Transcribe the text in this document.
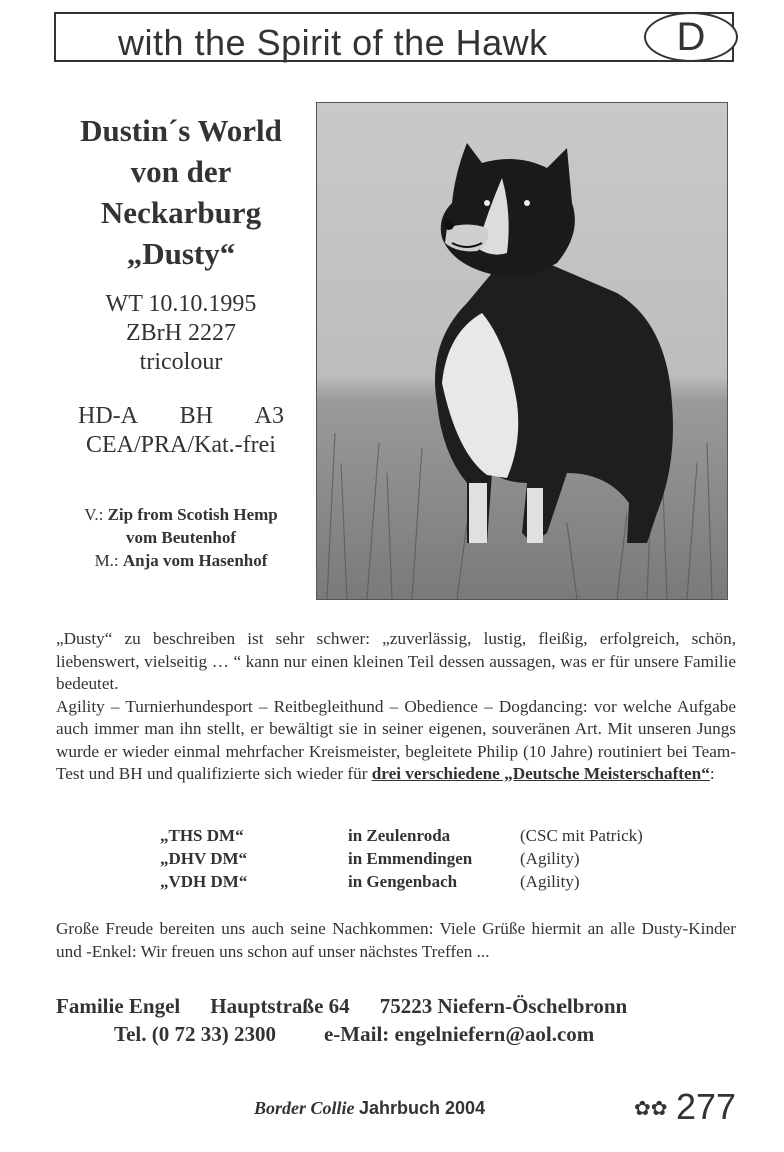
with the Spirit of the Hawk	D
Dustin´s World
von der
Neckarburg
„Dusty“
WT 10.10.1995
ZBrH 2227
tricolour
HD-A BH A3
CEA/PRA/Kat.-frei
V.: Zip from Scotish Hemp
vom Beutenhof
M.: Anja vom Hasenhof

„Dusty“ zu beschreiben ist sehr schwer: „zuverlässig, lustig, fleißig, erfolgreich, schön, liebenswert, vielseitig … “ kann nur einen kleinen Teil dessen aussagen, was er für unsere Familie bedeutet.

Agility – Turnierhundesport – Reitbegleithund – Obedience – Dogdancing: vor welche Aufgabe auch immer man ihn stellt, er bewältigt sie in seiner eigenen, souveränen Art. Mit unseren Jungs wurde er wieder einmal mehrfacher Kreismeister, begleitete Philip (10 Jahre) routiniert bei Team-Test und BH und qualifizierte sich wieder für drei verschiedene „Deutsche Meisterschaften“:

„THS DM“	in Zeulenroda	(CSC mit Patrick)
„DHV DM“	in Emmendingen	(Agility)
„VDH DM“	in Gengenbach	(Agility)
Große Freude bereiten uns auch seine Nachkommen: Viele Grüße hiermit an alle Dusty-Kinder und -Enkel: Wir freuen uns schon auf unser nächstes Treffen ...
Familie Engel Hauptstraße 64 75223 Niefern-Öschelbronn
Tel. (0 72 33) 2300 e-Mail: engelniefern@aol.com
Border Collie Jahrbuch 2004	✿✿ 277
